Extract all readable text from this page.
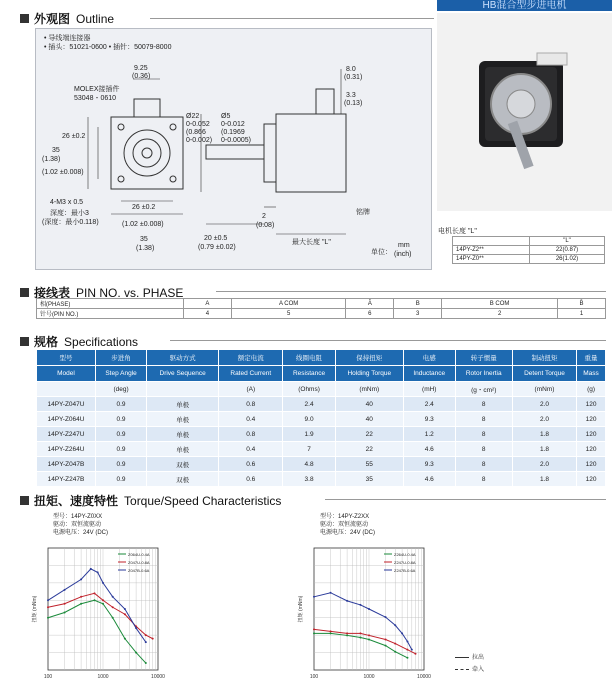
HB混合型步进电机
外观图 Outline
• 导线端连接器
• 插头：51021-0600 • 插针：50079-8000
MOLEX接插件
53048・0610
9.25
(0.36)
8.0
(0.31)
3.3
(0.13)
Ø22
0-0.052
(0.866
0-0.002)
Ø5
0-0.012
(0.1969
0-0.0005)
35
(1.38)
26 ±0.2
(1.02 ±0.008)
4-M3 x 0.5
深度：最小3
(深度：最小0.118)
26 ±0.2
(1.02 ±0.008)
35
(1.38)
20 ±0.5
(0.79 ±0.02)
2
(0.08)
铭牌
最大长度 "L"
单位：
mm
(inch)
电机长度 "L"
	"L"
14PY-Z2**	22(0.87)
14PY-Z0**	26(1.02)
接线表 PIN NO. vs. PHASE
相(PHASE)	A	A COM	Ā	B	B COM	B̄
针号(PIN NO.)	4	5	6	3	2	1
规格 Specifications
型号	步进角	驱动方式	额定电流	线圈电阻	保持扭矩	电感	转子惯量	制动扭矩	重量
Model	Step Angle	Drive Sequence	Rated Current	Resistance	Holding Torque	Inductance	Rotor Inertia	Detent Torque	Mass
	(deg)		(A)	(Ohms)	(mNm)	(mH)	(g・cm²)	(mNm)	(g)
14PY-Z047U	0.9	单极	0.8	2.4	40	2.4	8	2.0	120
14PY-Z064U	0.9	单极	0.4	9.0	40	9.3	8	2.0	120
14PY-Z247U	0.9	单极	0.8	1.9	22	1.2	8	1.8	120
14PY-Z264U	0.9	单极	0.4	7	22	4.6	8	1.8	120
14PY-Z047B	0.9	双极	0.6	4.8	55	9.3	8	2.0	120
14PY-Z247B	0.9	双极	0.6	3.8	35	4.6	8	1.8	120
扭矩、速度特性 Torque/Speed Characteristics
型号：14PY-Z0XX
驱动：双恒流驱动
电源电压：24V (DC)
型号：14PY-Z2XX
驱动：双恒流驱动
电源电压：24V (DC)
100	1000	10000
扭矩 (mNm)
Z064U-0.4A
Z047U-0.8A
Z047B-0.6A
100	1000	10000
扭矩 (mNm)
Z264U-0.4A
Z247U-0.8A
Z247B-0.6A
拉出
牵入
